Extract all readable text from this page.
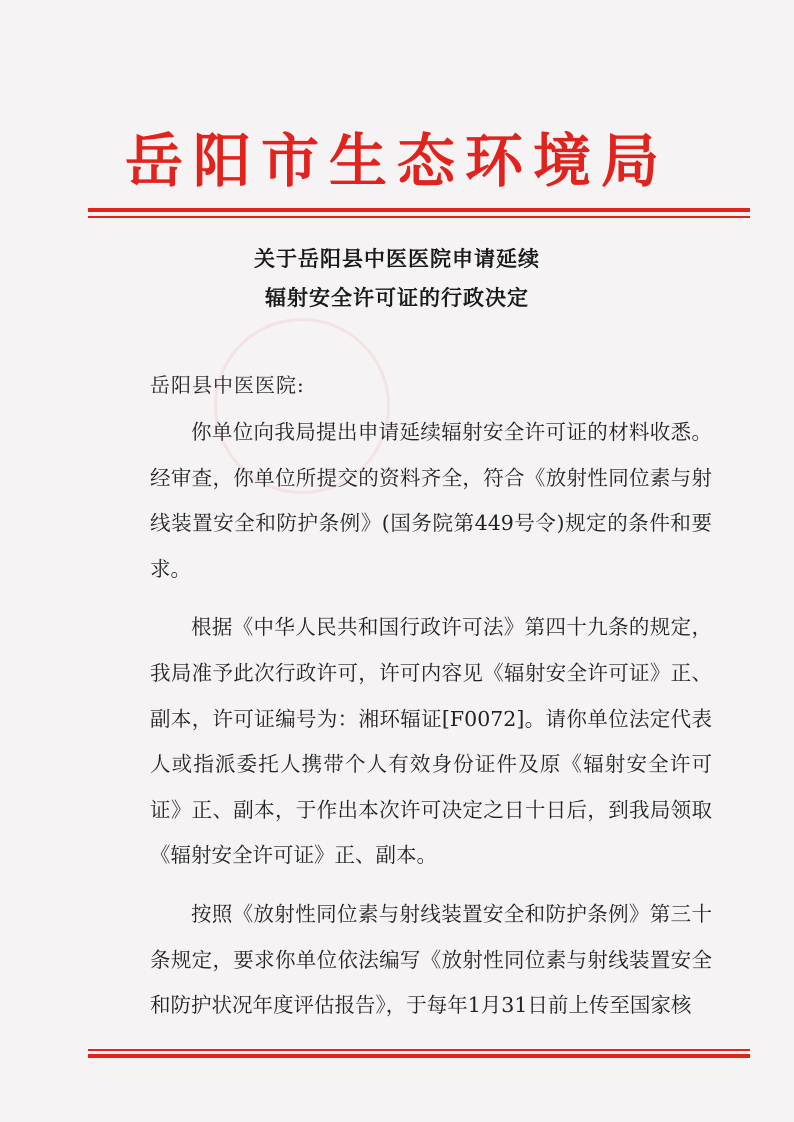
岳阳市生态环境局
关于岳阳县中医医院申请延续
辐射安全许可证的行政决定
岳阳县中医医院:

你单位向我局提出申请延续辐射安全许可证的材料收悉。经审查，你单位所提交的资料齐全，符合《放射性同位素与射线装置安全和防护条例》(国务院第449号令)规定的条件和要求。

根据《中华人民共和国行政许可法》第四十九条的规定，我局准予此次行政许可，许可内容见《辐射安全许可证》正、副本，许可证编号为：湘环辐证[F0072]。请你单位法定代表人或指派委托人携带个人有效身份证件及原《辐射安全许可证》正、副本，于作出本次许可决定之日十日后，到我局领取《辐射安全许可证》正、副本。

按照《放射性同位素与射线装置安全和防护条例》第三十条规定，要求你单位依法编写《放射性同位素与射线装置安全和防护状况年度评估报告》，于每年1月31日前上传至国家核
